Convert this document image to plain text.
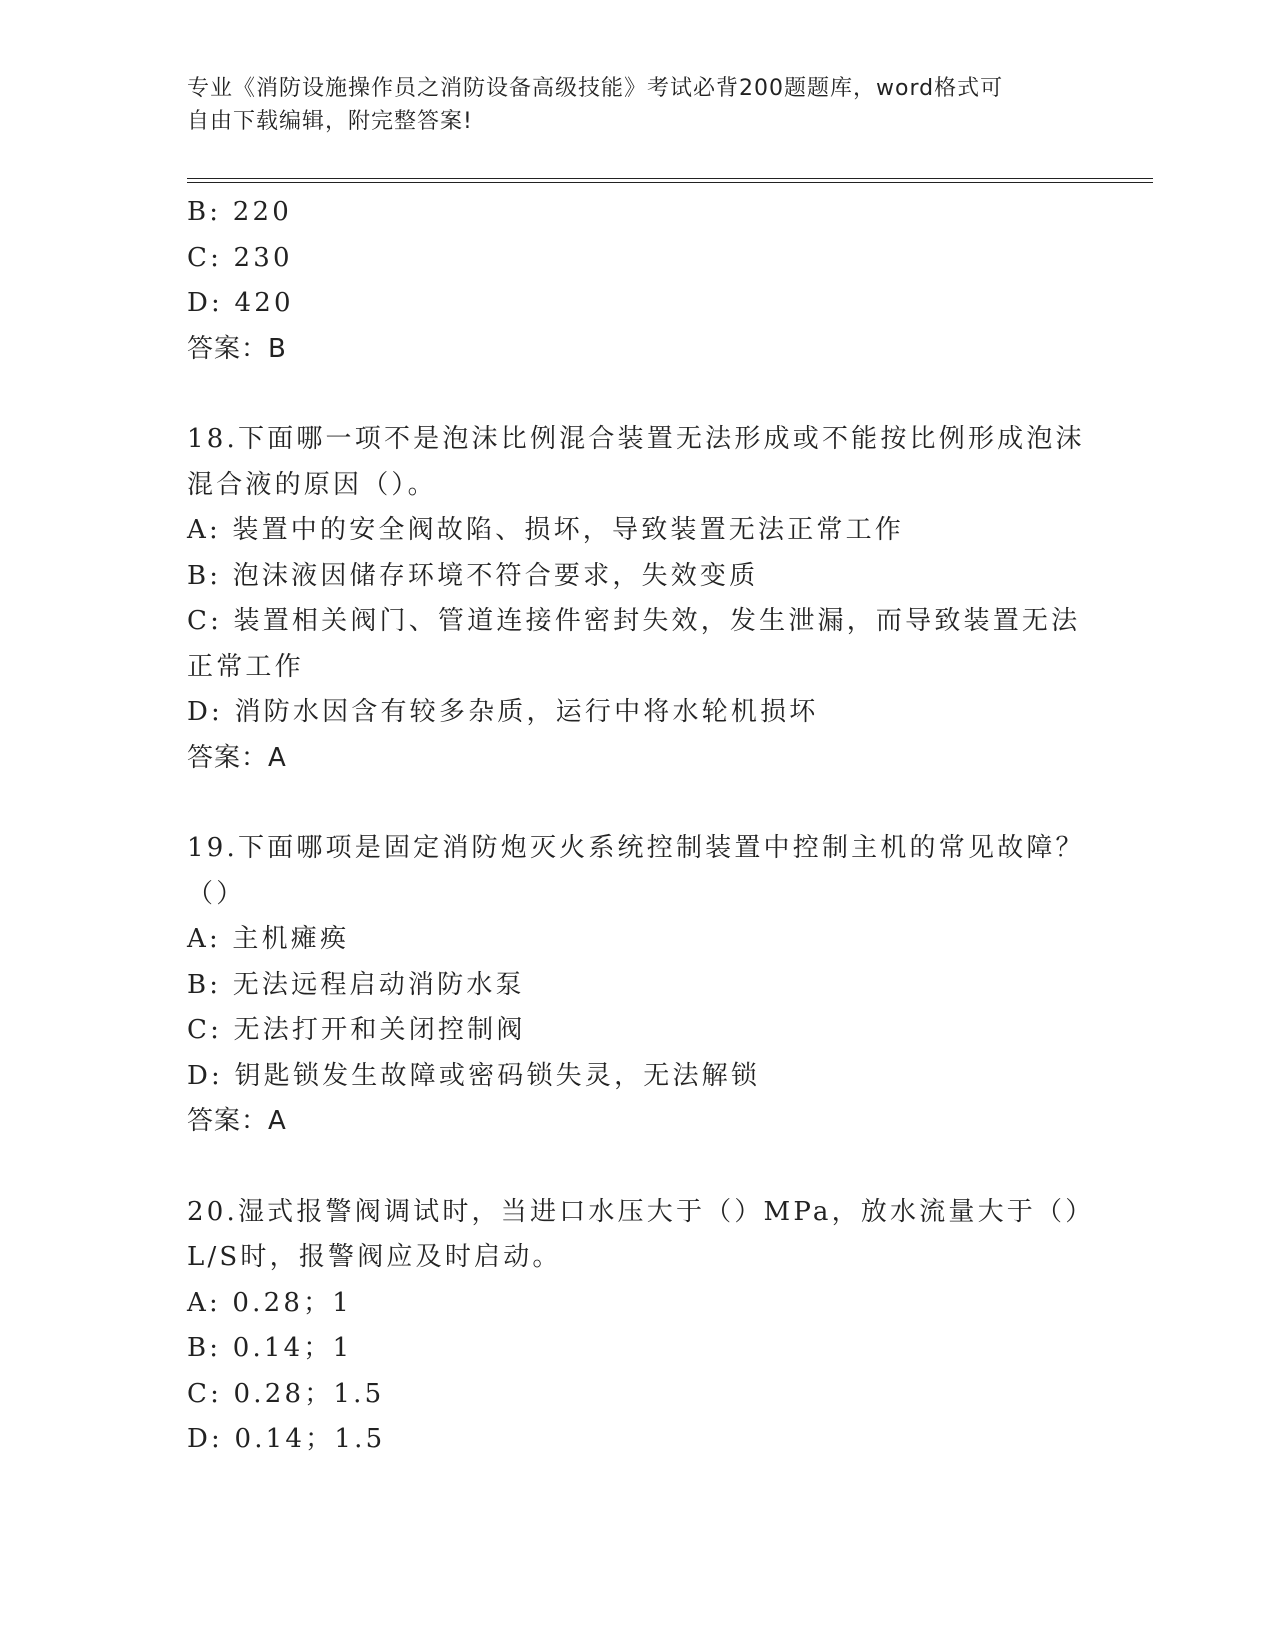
专业《消防设施操作员之消防设备高级技能》考试必背200题题库，word格式可
自由下载编辑，附完整答案!
B: 220
C: 230
D: 420
答案：B
18.下面哪一项不是泡沫比例混合装置无法形成或不能按比例形成泡沫
混合液的原因（）。
A: 装置中的安全阀故陷、损坏，导致装置无法正常工作
B: 泡沫液因储存环境不符合要求，失效变质
C: 装置相关阀门、管道连接件密封失效，发生泄漏，而导致装置无法
正常工作
D: 消防水因含有较多杂质，运行中将水轮机损坏
答案：A
19.下面哪项是固定消防炮灭火系统控制装置中控制主机的常见故障？
（）
A: 主机瘫痪
B: 无法远程启动消防水泵
C: 无法打开和关闭控制阀
D: 钥匙锁发生故障或密码锁失灵，无法解锁
答案：A
20.湿式报警阀调试时，当进口水压大于（）MPa，放水流量大于（）
L/S时，报警阀应及时启动。
A: 0.28；1
B: 0.14；1
C: 0.28；1.5
D: 0.14；1.5
